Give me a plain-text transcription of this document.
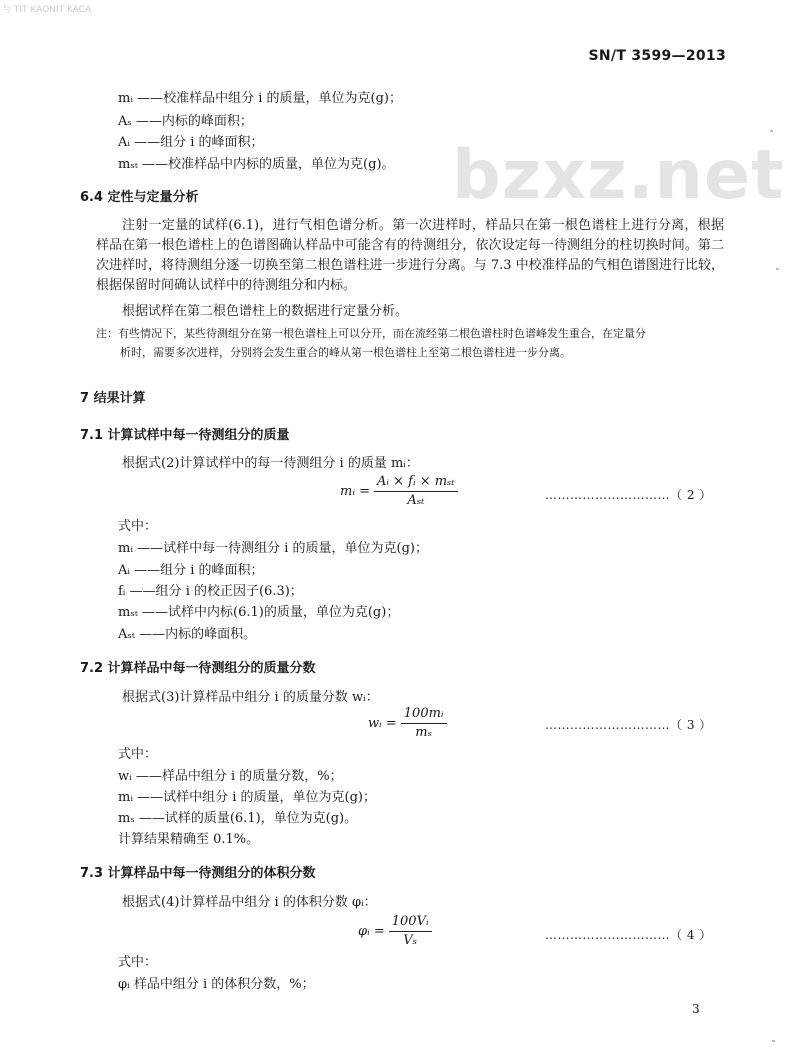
与 TIT KAONIT KACA
SN/T 3599—2013
bzxz.net
mᵢ ——校准样品中组分 i 的质量，单位为克(g)；
Aₛ ——内标的峰面积；
Aᵢ ——组分 i 的峰面积；
mₛₜ ——校准样品中内标的质量，单位为克(g)。
6.4 定性与定量分析
注射一定量的试样(6.1)，进行气相色谱分析。第一次进样时，样品只在第一根色谱柱上进行分离，根据样品在第一根色谱柱上的色谱图确认样品中可能含有的待测组分，依次设定每一待测组分的柱切换时间。第二次进样时，将待测组分逐一切换至第二根色谱柱进一步进行分离。与 7.3 中校准样品的气相色谱图进行比较，根据保留时间确认试样中的待测组分和内标。
根据试样在第二根色谱柱上的数据进行定量分析。
注：有些情况下，某些待测组分在第一根色谱柱上可以分开，而在流经第二根色谱柱时色谱峰发生重合，在定量分
析时，需要多次进样，分别将会发生重合的峰从第一根色谱柱上至第二根色谱柱进一步分离。
7 结果计算
7.1 计算试样中每一待测组分的质量
根据式(2)计算试样中的每一待测组分 i 的质量 mᵢ：
mᵢ = $\frac{\text{Aᵢ × fᵢ × mₛₜ}}{\text{Aₛₜ}}$	…………………………（ 2 ）
式中：
mᵢ ——试样中每一待测组分 i 的质量，单位为克(g)；
Aᵢ ——组分 i 的峰面积；
fᵢ ——组分 i 的校正因子(6.3)；
mₛₜ ——试样中内标(6.1)的质量，单位为克(g)；
Aₛₜ ——内标的峰面积。
7.2 计算样品中每一待测组分的质量分数
根据式(3)计算样品中组分 i 的质量分数 wᵢ：
wᵢ = $\frac{\text{100mᵢ}}{\text{mₛ}}$	…………………………（ 3 ）
式中：
wᵢ ——样品中组分 i 的质量分数，%；
mᵢ ——试样中组分 i 的质量，单位为克(g)；
mₛ ——试样的质量(6.1)，单位为克(g)。
计算结果精确至 0.1%。
7.3 计算样品中每一待测组分的体积分数
根据式(4)计算样品中组分 i 的体积分数 φᵢ：
φᵢ = $\frac{\text{100Vᵢ}}{\text{Vₛ}}$	…………………………（ 4 ）
式中：
φᵢ 样品中组分 i 的体积分数，%；
3
